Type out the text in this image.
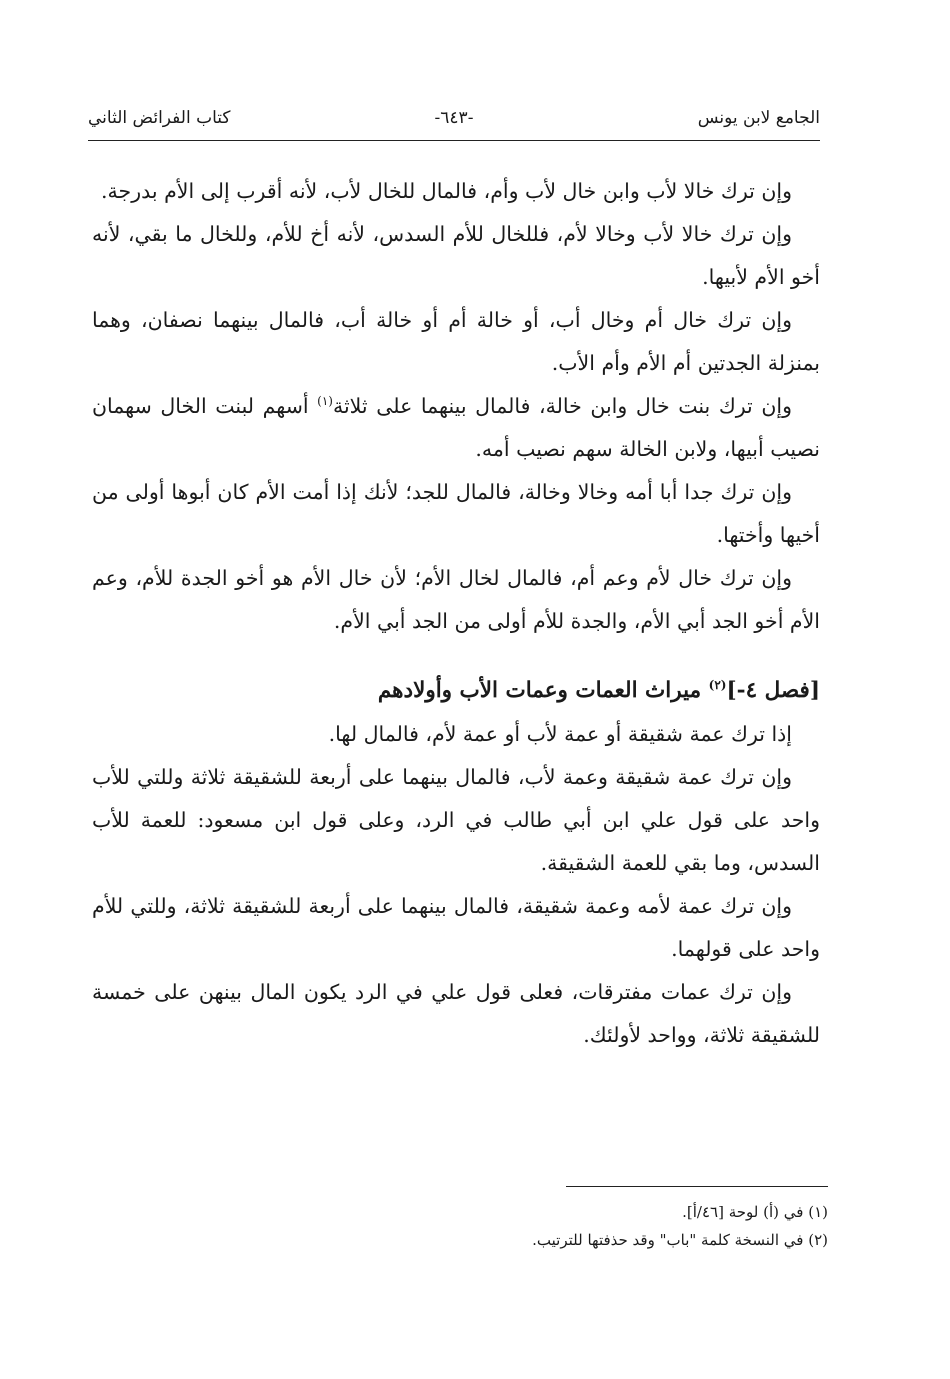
الجامع لابن يونس
-٦٤٣-
كتاب الفرائض الثاني

وإن ترك خالا لأب وابن خال لأب وأم، فالمال للخال لأب، لأنه أقرب إلى الأم بدرجة.

وإن ترك خالا لأب وخالا لأم، فللخال للأم السدس، لأنه أخ للأم، وللخال ما بقي، لأنه أخو الأم لأبيها.

وإن ترك خال أم وخال أب، أو خالة أم أو خالة أب، فالمال بينهما نصفان، وهما بمنزلة الجدتين أم الأم وأم الأب.

وإن ترك بنت خال وابن خالة، فالمال بينهما على ثلاثة$^{(١)}$ أسهم لبنت الخال سهمان نصيب أبيها، ولابن الخالة سهم نصيب أمه.

وإن ترك جدا أبا أمه وخالا وخالة، فالمال للجد؛ لأنك إذا أمت الأم كان أبوها أولى من أخيها وأختها.

وإن ترك خال لأم وعم أم، فالمال لخال الأم؛ لأن خال الأم هو أخو الجدة للأم، وعم الأم أخو الجد أبي الأم، والجدة للأم أولى من الجد أبي الأم.

[فصل ٤-]$^{(٢)}$ ميراث العمات وعمات الأب وأولادهم

إذا ترك عمة شقيقة أو عمة لأب أو عمة لأم، فالمال لها.

وإن ترك عمة شقيقة وعمة لأب، فالمال بينهما على أربعة للشقيقة ثلاثة وللتي للأب واحد على قول علي ابن أبي طالب في الرد، وعلى قول ابن مسعود: للعمة للأب السدس، وما بقي للعمة الشقيقة.

وإن ترك عمة لأمه وعمة شقيقة، فالمال بينهما على أربعة للشقيقة ثلاثة، وللتي للأم واحد على قولهما.

وإن ترك عمات مفترقات، فعلى قول علي في الرد يكون المال بينهن على خمسة للشقيقة ثلاثة، وواحد لأولئك.

(١) في (أ) لوحة [٤٦/أ].
(٢) في النسخة كلمة "باب" وقد حذفتها للترتيب.
